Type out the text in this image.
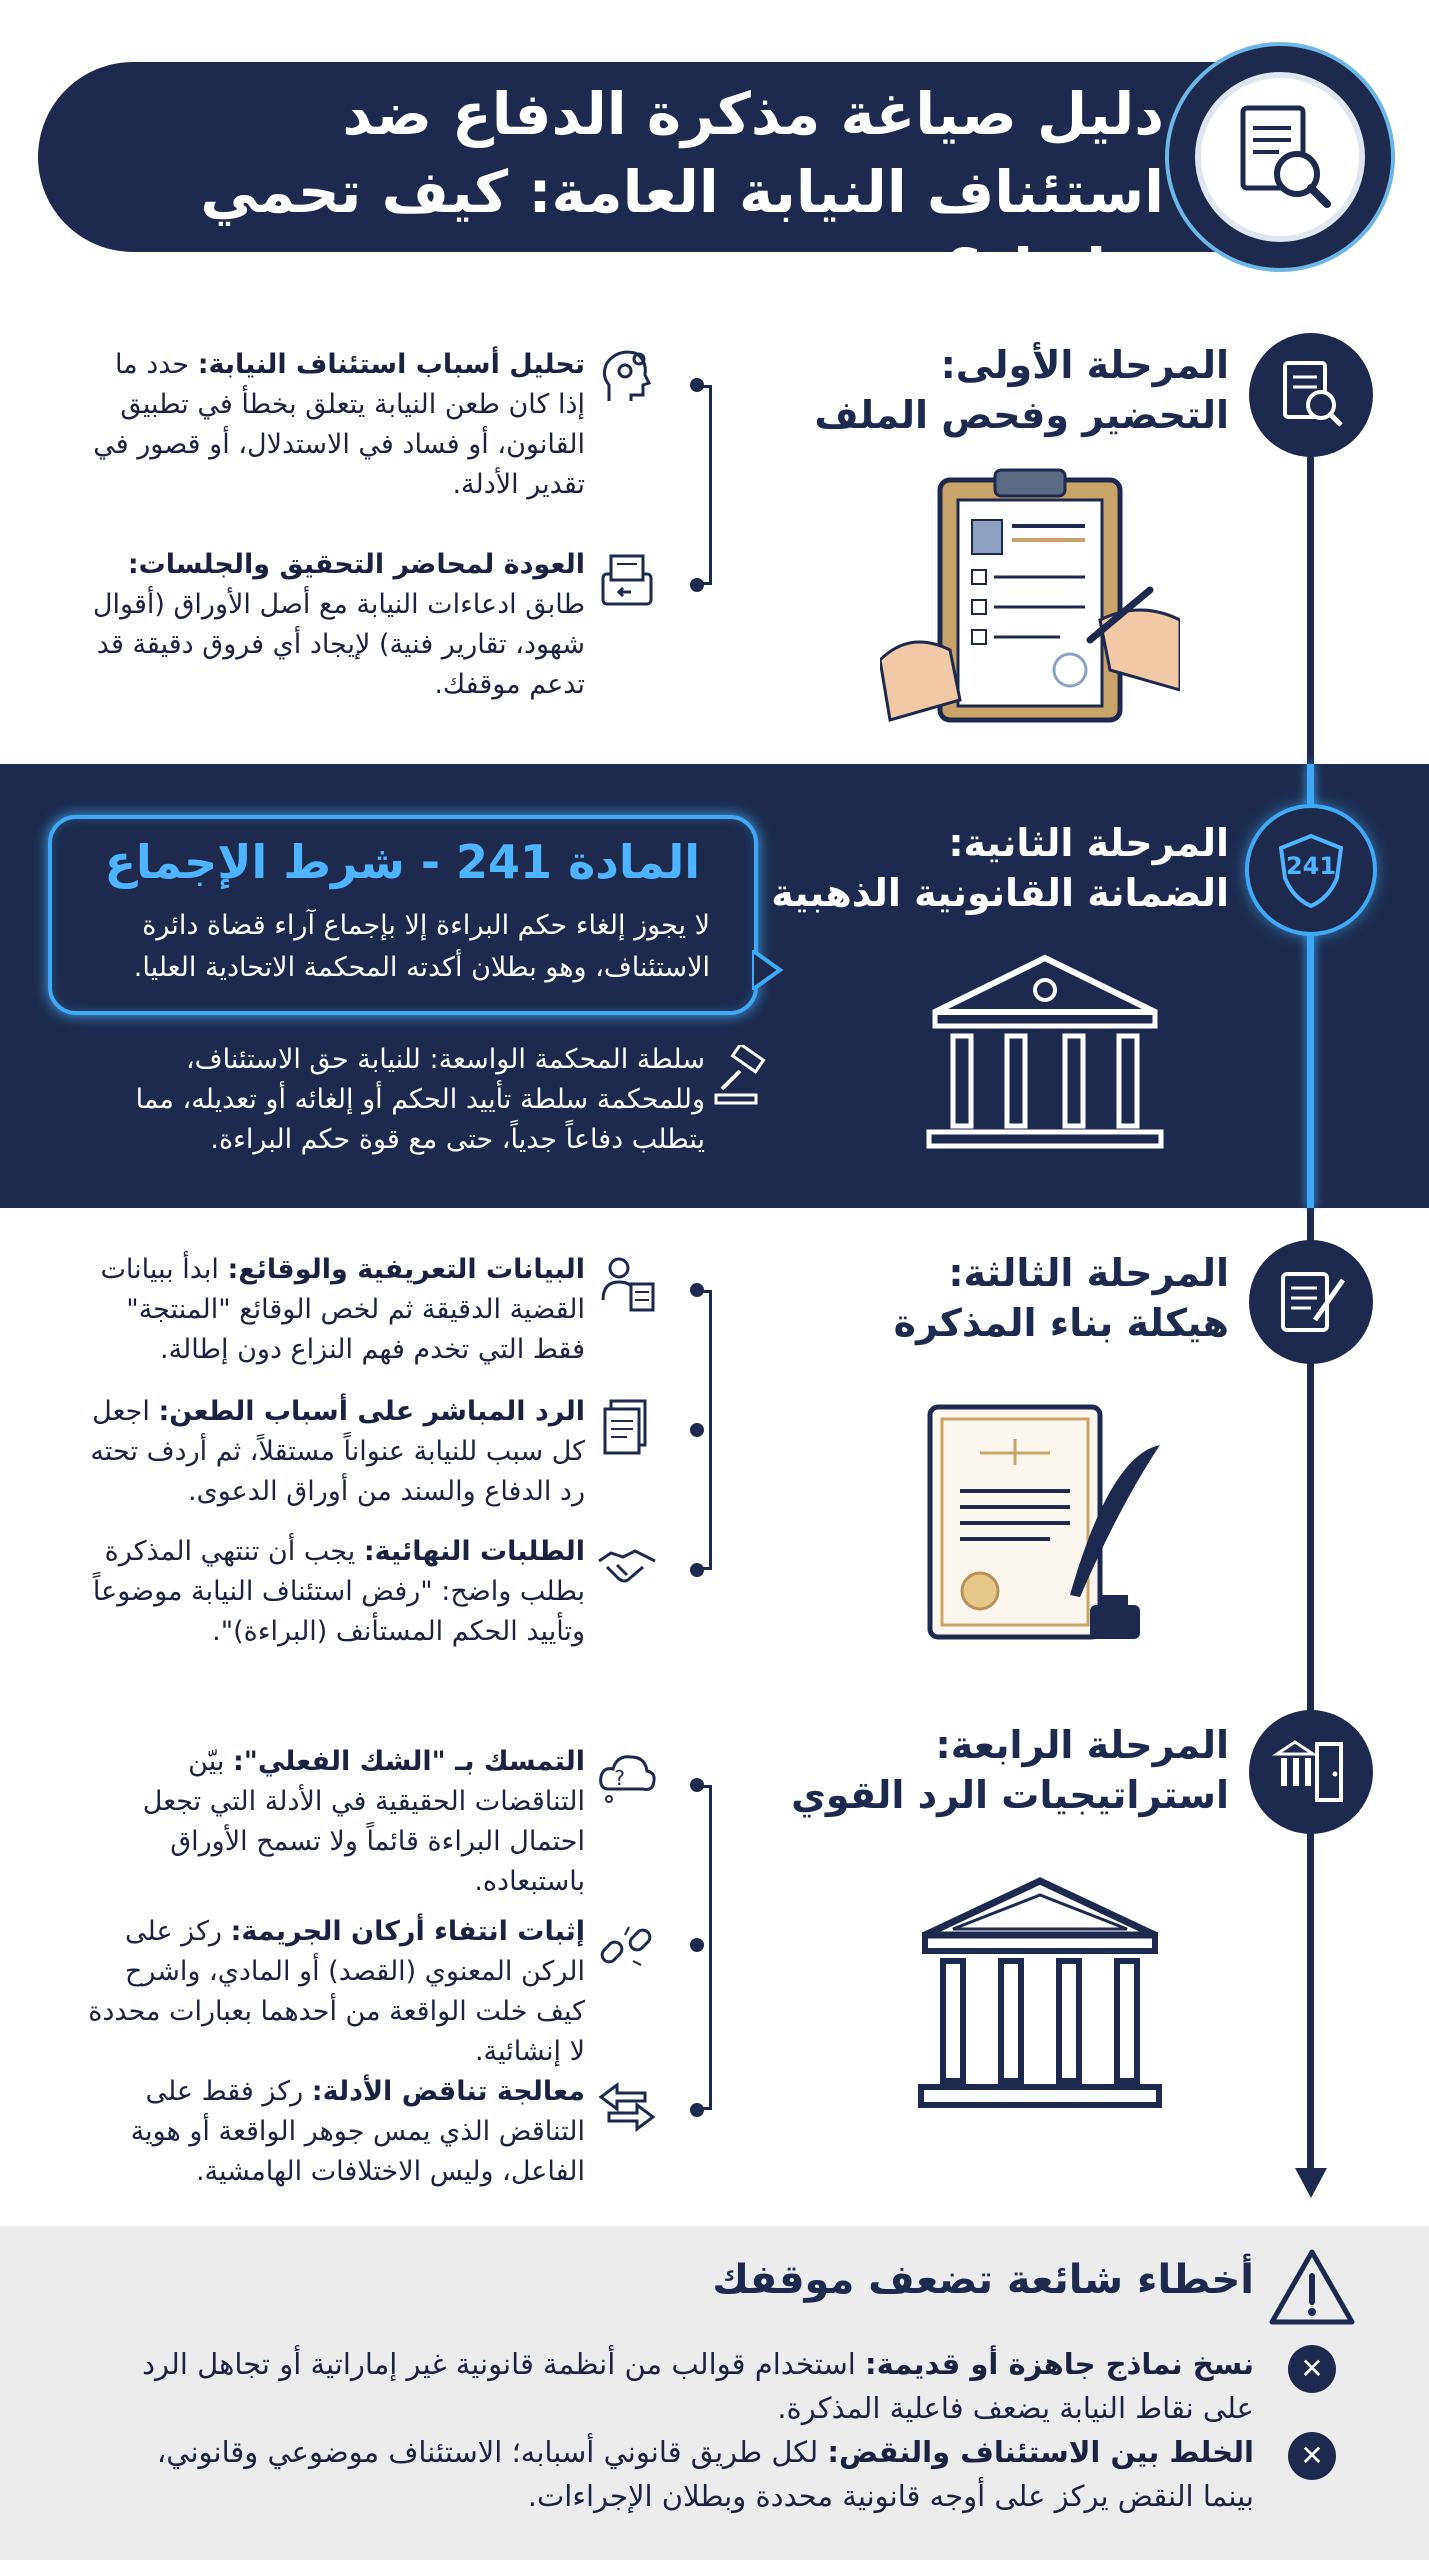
دليل صياغة مذكرة الدفاع ضد استئناف النيابة العامة: كيف تحمي براءتك؟
المرحلة الأولى:
التحضير وفحص الملف
تحليل أسباب استئناف النيابة: حدد ما إذا كان طعن النيابة يتعلق بخطأ في تطبيق القانون، أو فساد في الاستدلال، أو قصور في تقدير الأدلة.
العودة لمحاضر التحقيق والجلسات: طابق ادعاءات النيابة مع أصل الأوراق (أقوال شهود، تقارير فنية) لإيجاد أي فروق دقيقة قد تدعم موقفك.
241
المرحلة الثانية:
الضمانة القانونية الذهبية
المادة 241 - شرط الإجماع
لا يجوز إلغاء حكم البراءة إلا بإجماع آراء قضاة دائرة الاستئناف، وهو بطلان أكدته المحكمة الاتحادية العليا.
سلطة المحكمة الواسعة: للنيابة حق الاستئناف، وللمحكمة سلطة تأييد الحكم أو إلغائه أو تعديله، مما يتطلب دفاعاً جدياً، حتى مع قوة حكم البراءة.
المرحلة الثالثة:
هيكلة بناء المذكرة
البيانات التعريفية والوقائع: ابدأ ببيانات القضية الدقيقة ثم لخص الوقائع "المنتجة" فقط التي تخدم فهم النزاع دون إطالة.
الرد المباشر على أسباب الطعن: اجعل كل سبب للنيابة عنواناً مستقلاً، ثم أردف تحته رد الدفاع والسند من أوراق الدعوى.
الطلبات النهائية: يجب أن تنتهي المذكرة بطلب واضح: "رفض استئناف النيابة موضوعاً وتأييد الحكم المستأنف (البراءة)".
المرحلة الرابعة:
استراتيجيات الرد القوي
?
التمسك بـ "الشك الفعلي": بيّن التناقضات الحقيقية في الأدلة التي تجعل احتمال البراءة قائماً ولا تسمح الأوراق باستبعاده.
إثبات انتفاء أركان الجريمة: ركز على الركن المعنوي (القصد) أو المادي، واشرح كيف خلت الواقعة من أحدهما بعبارات محددة لا إنشائية.
معالجة تناقض الأدلة: ركز فقط على التناقض الذي يمس جوهر الواقعة أو هوية الفاعل، وليس الاختلافات الهامشية.
أخطاء شائعة تضعف موقفك
✕
نسخ نماذج جاهزة أو قديمة: استخدام قوالب من أنظمة قانونية غير إماراتية أو تجاهل الرد على نقاط النيابة يضعف فاعلية المذكرة.
✕
الخلط بين الاستئناف والنقض: لكل طريق قانوني أسبابه؛ الاستئناف موضوعي وقانوني، بينما النقض يركز على أوجه قانونية محددة وبطلان الإجراءات.
